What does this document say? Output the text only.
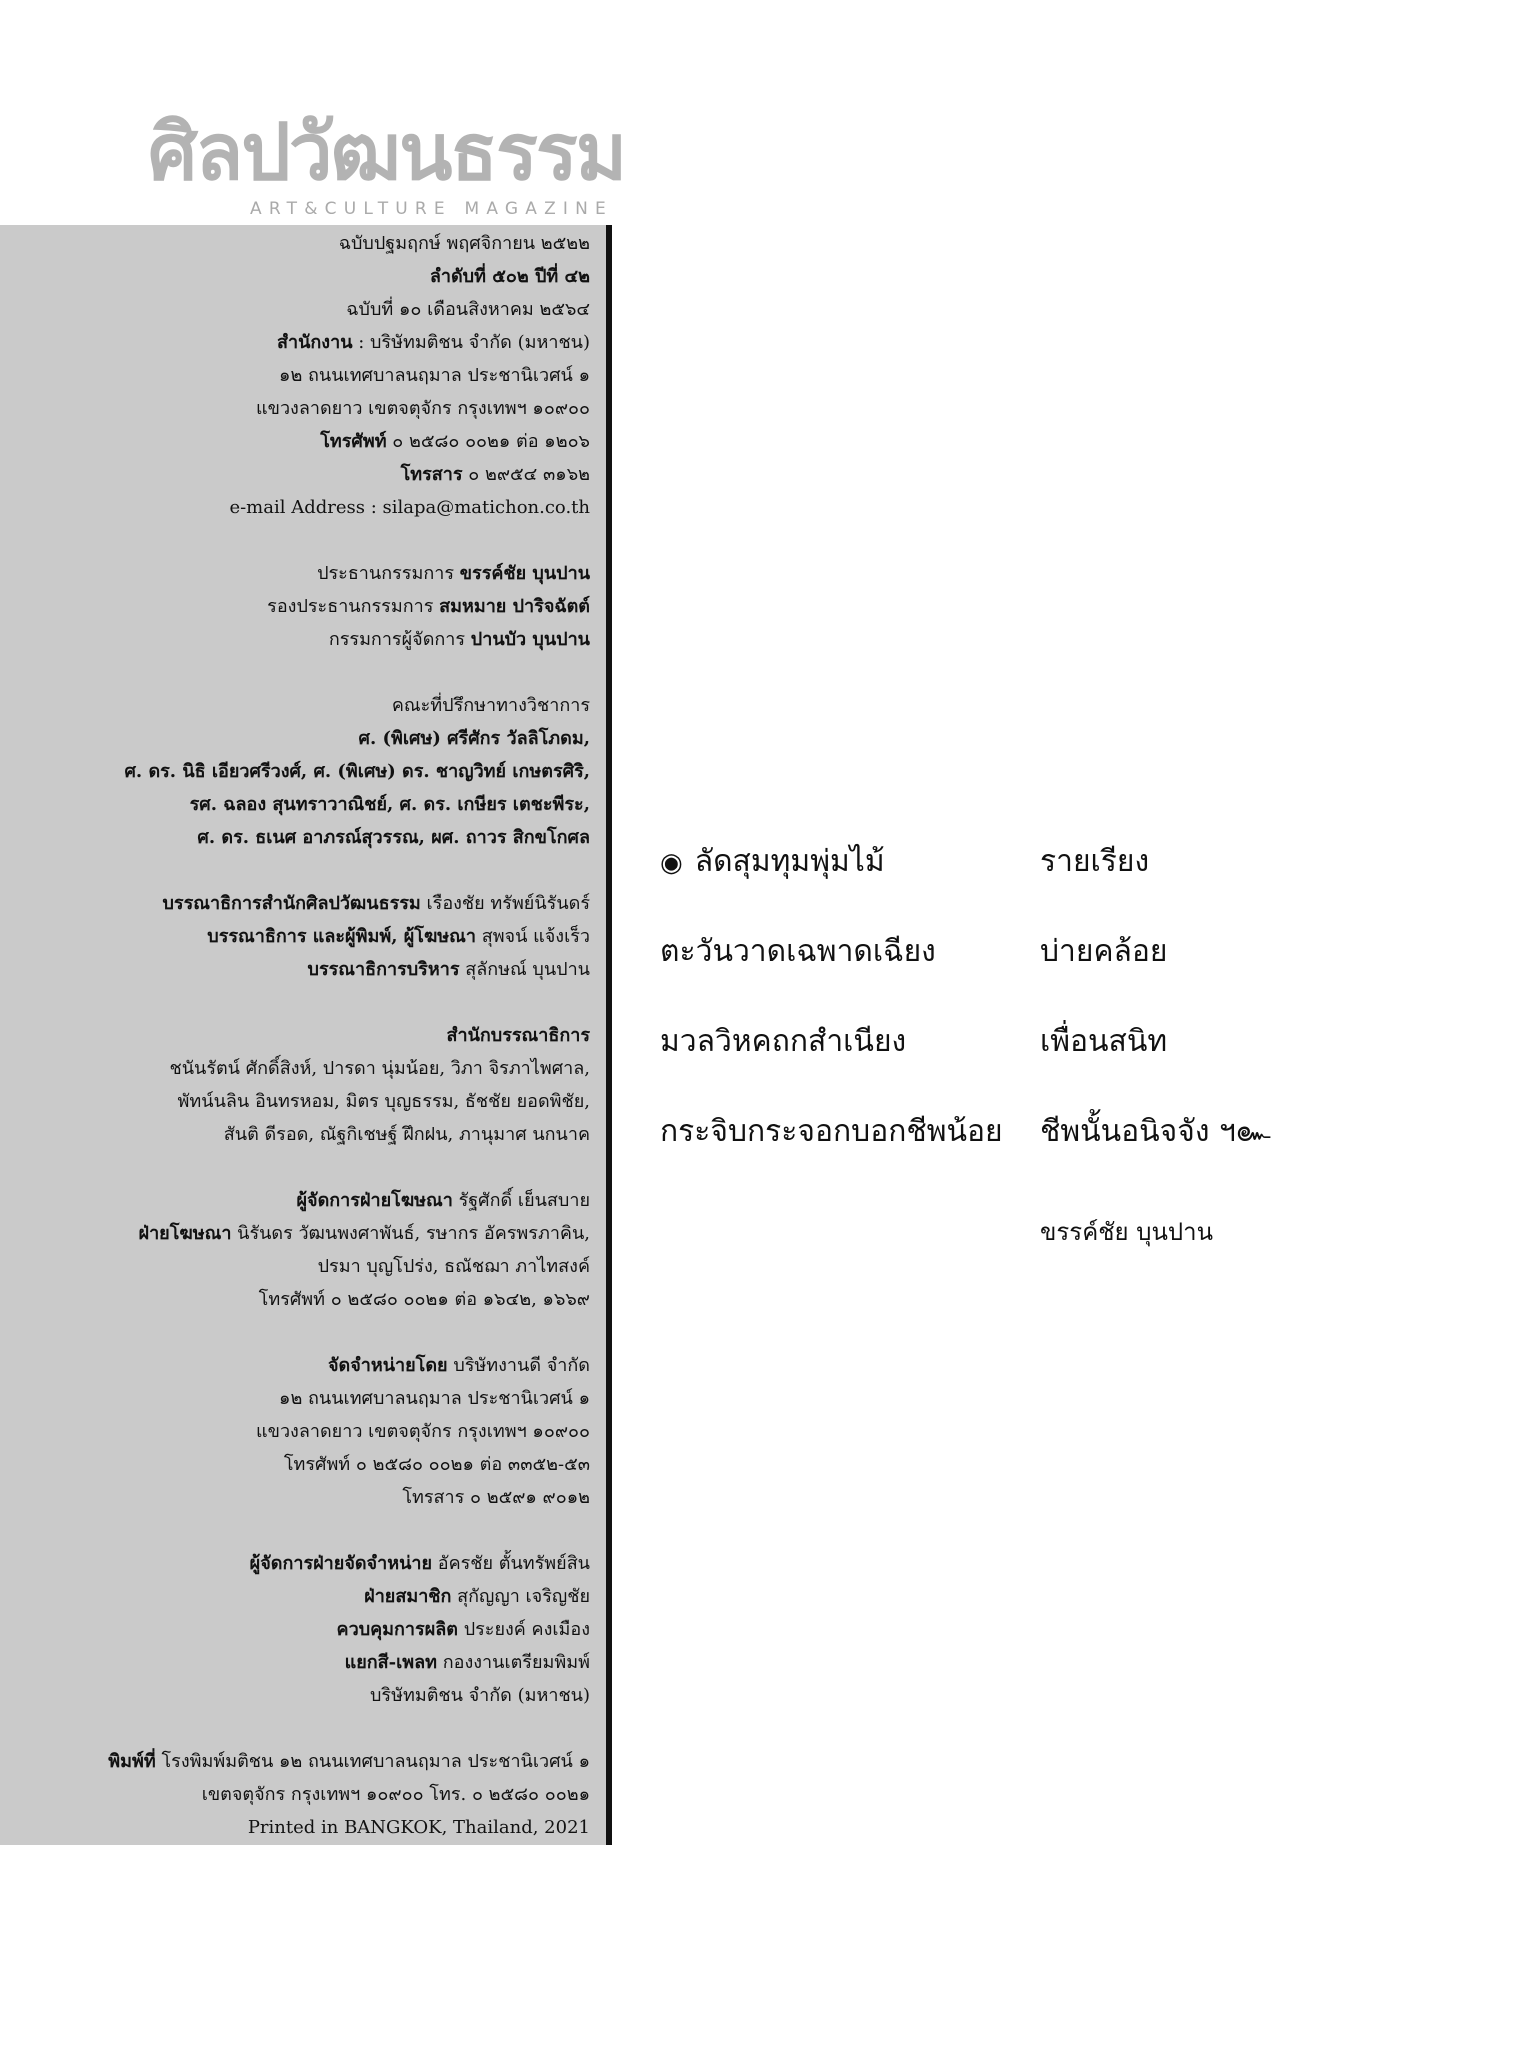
ศิลปวัฒนธรรม
ART&CULTURE MAGAZINE
ฉบับปฐมฤกษ์ พฤศจิกายน ๒๕๒๒
ลำดับที่ ๕๐๒ ปีที่ ๔๒
ฉบับที่ ๑๐ เดือนสิงหาคม ๒๕๖๔
สำนักงาน : บริษัทมติชน จำกัด (มหาชน)
๑๒ ถนนเทศบาลนฤมาล ประชานิเวศน์ ๑
แขวงลาดยาว เขตจตุจักร กรุงเทพฯ ๑๐๙๐๐
โทรศัพท์ ๐ ๒๕๘๐ ๐๐๒๑ ต่อ ๑๒๐๖
โทรสาร ๐ ๒๙๕๔ ๓๑๖๒
e-mail Address : silapa@matichon.co.th
ประธานกรรมการ ขรรค์ชัย บุนปาน
รองประธานกรรมการ สมหมาย ปาริจฉัตต์
กรรมการผู้จัดการ ปานบัว บุนปาน
คณะที่ปรึกษาทางวิชาการ
ศ. (พิเศษ) ศรีศักร วัลลิโภดม,
ศ. ดร. นิธิ เอียวศรีวงศ์, ศ. (พิเศษ) ดร. ชาญวิทย์ เกษตรศิริ,
รศ. ฉลอง สุนทราวาณิชย์, ศ. ดร. เกษียร เตชะพีระ,
ศ. ดร. ธเนศ อาภรณ์สุวรรณ, ผศ. ถาวร สิกขโกศล
บรรณาธิการสำนักศิลปวัฒนธรรม เรืองชัย ทรัพย์นิรันดร์
บรรณาธิการ และผู้พิมพ์, ผู้โฆษณา สุพจน์ แจ้งเร็ว
บรรณาธิการบริหาร สุลักษณ์ บุนปาน
สำนักบรรณาธิการ
ชนันรัตน์ ศักดิ์สิงห์, ปารดา นุ่มน้อย, วิภา จิรภาไพศาล,
พัทน์นลิน อินทรหอม, มิตร บุญธรรม, ธัชชัย ยอดพิชัย,
สันติ ดีรอด, ณัฐกิเชษฐ์ ฝึกฝน, ภานุมาศ นกนาค
ผู้จัดการฝ่ายโฆษณา รัฐศักดิ์ เย็นสบาย
ฝ่ายโฆษณา นิรันดร วัฒนพงศาพันธ์, รษากร อัครพรภาคิน,
ปรมา บุญโปร่ง, ธณัชฌา ภาไทสงค์
โทรศัพท์ ๐ ๒๕๘๐ ๐๐๒๑ ต่อ ๑๖๔๒, ๑๖๖๙
จัดจำหน่ายโดย บริษัทงานดี จำกัด
๑๒ ถนนเทศบาลนฤมาล ประชานิเวศน์ ๑
แขวงลาดยาว เขตจตุจักร กรุงเทพฯ ๑๐๙๐๐
โทรศัพท์ ๐ ๒๕๘๐ ๐๐๒๑ ต่อ ๓๓๕๒-๕๓
โทรสาร ๐ ๒๕๙๑ ๙๐๑๒
ผู้จัดการฝ่ายจัดจำหน่าย อัครชัย ตั้นทรัพย์สิน
ฝ่ายสมาชิก สุกัญญา เจริญชัย
ควบคุมการผลิต ประยงค์ คงเมือง
แยกสี-เพลท กองงานเตรียมพิมพ์
บริษัทมติชน จำกัด (มหาชน)
พิมพ์ที่ โรงพิมพ์มติชน ๑๒ ถนนเทศบาลนฤมาล ประชานิเวศน์ ๑
เขตจตุจักร กรุงเทพฯ ๑๐๙๐๐ โทร. ๐ ๒๕๘๐ ๐๐๒๑
Printed in BANGKOK, Thailand, 2021
◉ ลัดสุมทุมพุ่มไม้	รายเรียง
ตะวันวาดเฉพาดเฉียง	บ่ายคล้อย
มวลวิหคถกสำเนียง	เพื่อนสนิท
กระจิบกระจอกบอกชีพน้อย ชีพนั้นอนิจจัง ฯ๛
ขรรค์ชัย บุนปาน
